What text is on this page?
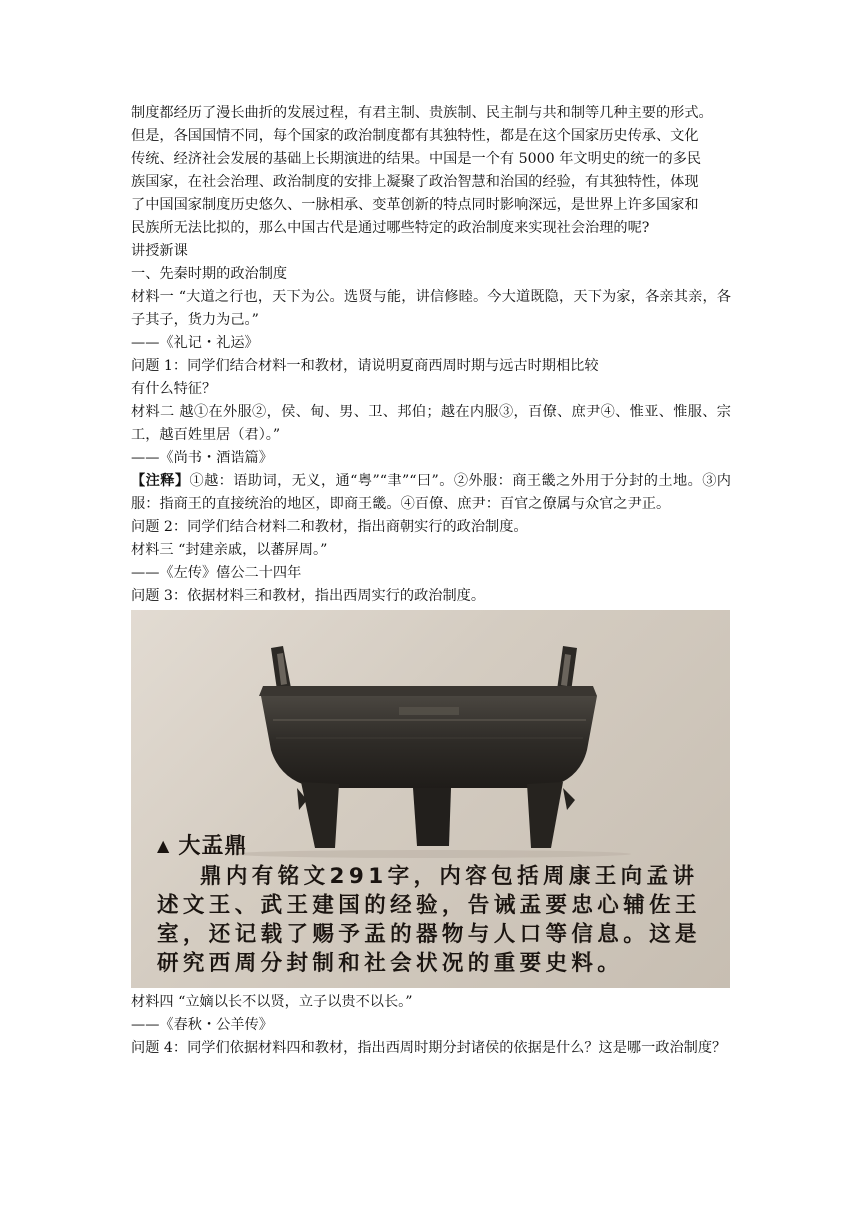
制度都经历了漫长曲折的发展过程，有君主制、贵族制、民主制与共和制等几种主要的形式。

但是，各国国情不同，每个国家的政治制度都有其独特性，都是在这个国家历史传承、文化

传统、经济社会发展的基础上长期演进的结果。中国是一个有 5000 年文明史的统一的多民

族国家，在社会治理、政治制度的安排上凝聚了政治智慧和治国的经验，有其独特性，体现

了中国国家制度历史悠久、一脉相承、变革创新的特点同时影响深远，是世界上许多国家和

民族所无法比拟的，那么中国古代是通过哪些特定的政治制度来实现社会治理的呢?

讲授新课

一、先秦时期的政治制度

材料一 “大道之行也，天下为公。选贤与能，讲信修睦。今大道既隐，天下为家，各亲其亲，各子其子，货力为己。”

——《礼记・礼运》

问题 1：同学们结合材料一和教材，请说明夏商西周时期与远古时期相比较

有什么特征？

材料二 越①在外服②，侯、甸、男、卫、邦伯；越在内服③，百僚、庶尹④、惟亚、惟服、宗工，越百姓里居（君）。”

——《尚书・酒诰篇》

【注释】①越：语助词，无义，通“粤”“聿”“曰”。②外服：商王畿之外用于分封的土地。③内服：指商王的直接统治的地区，即商王畿。④百僚、庶尹：百官之僚属与众官之尹正。

问题 2：同学们结合材料二和教材，指出商朝实行的政治制度。

材料三 “封建亲戚，以蕃屏周。”

——《左传》僖公二十四年

问题 3：依据材料三和教材，指出西周实行的政治制度。

▲ 大盂鼎
鼎内有铭文291字，内容包括周康王向孟讲述文王、武王建国的经验，告诫盂要忠心辅佐王室，还记载了赐予盂的器物与人口等信息。这是研究西周分封制和社会状况的重要史料。

材料四 “立嫡以长不以贤，立子以贵不以长。”

——《春秋・公羊传》

问题 4：同学们依据材料四和教材，指出西周时期分封诸侯的依据是什么？这是哪一政治制度？
